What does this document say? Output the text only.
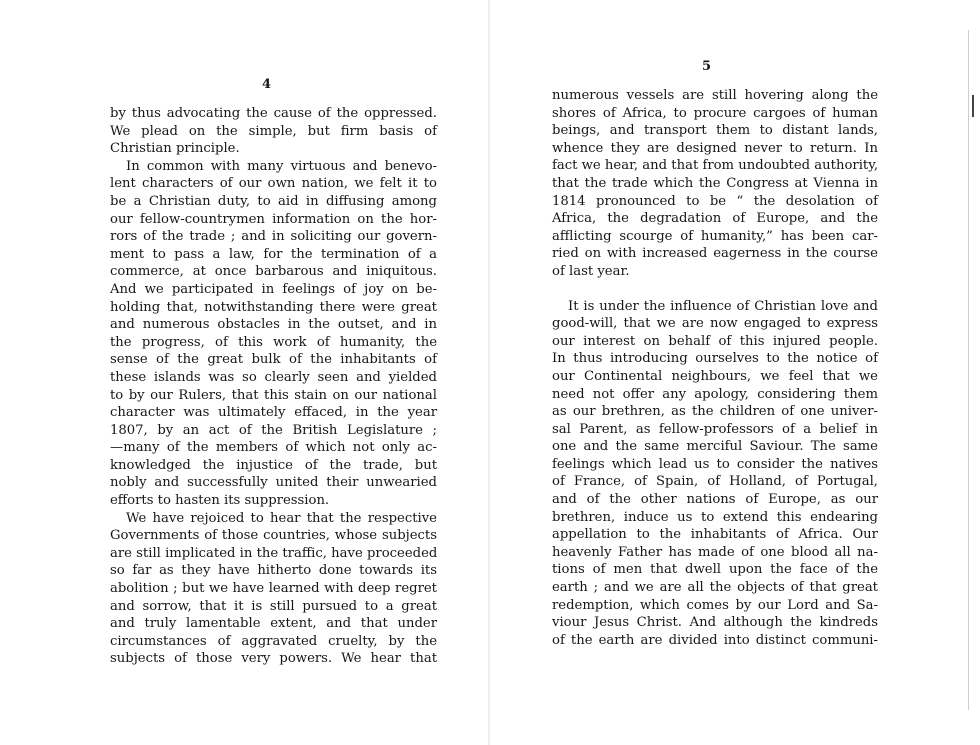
4
by thus advocating the cause of the oppressed.
We plead on the simple, but firm basis of
Christian principle.
In common with many virtuous and benevo-
lent characters of our own nation, we felt it to
be a Christian duty, to aid in diffusing among
our fellow-countrymen information on the hor-
rors of the trade ; and in soliciting our govern-
ment to pass a law, for the termination of a
commerce, at once barbarous and iniquitous.
And we participated in feelings of joy on be-
holding that, notwithstanding there were great
and numerous obstacles in the outset, and in
the progress, of this work of humanity, the
sense of the great bulk of the inhabitants of
these islands was so clearly seen and yielded
to by our Rulers, that this stain on our national
character was ultimately effaced, in the year
1807, by an act of the British Legislature ;
—many of the members of which not only ac-
knowledged the injustice of the trade, but
nobly and successfully united their unwearied
efforts to hasten its suppression.
We have rejoiced to hear that the respective
Governments of those countries, whose subjects
are still implicated in the traffic, have proceeded
so far as they have hitherto done towards its
abolition ; but we have learned with deep regret
and sorrow, that it is still pursued to a great
and truly lamentable extent, and that under
circumstances of aggravated cruelty, by the
subjects of those very powers. We hear that
5
numerous vessels are still hovering along the
shores of Africa, to procure cargoes of human
beings, and transport them to distant lands,
whence they are designed never to return. In
fact we hear, and that from undoubted authority,
that the trade which the Congress at Vienna in
1814 pronounced to be “ the desolation of
Africa, the degradation of Europe, and the
afflicting scourge of humanity,” has been car-
ried on with increased eagerness in the course
of last year.
It is under the influence of Christian love and
good-will, that we are now engaged to express
our interest on behalf of this injured people.
In thus introducing ourselves to the notice of
our Continental neighbours, we feel that we
need not offer any apology, considering them
as our brethren, as the children of one univer-
sal Parent, as fellow-professors of a belief in
one and the same merciful Saviour. The same
feelings which lead us to consider the natives
of France, of Spain, of Holland, of Portugal,
and of the other nations of Europe, as our
brethren, induce us to extend this endearing
appellation to the inhabitants of Africa. Our
heavenly Father has made of one blood all na-
tions of men that dwell upon the face of the
earth ; and we are all the objects of that great
redemption, which comes by our Lord and Sa-
viour Jesus Christ. And although the kindreds
of the earth are divided into distinct communi-
